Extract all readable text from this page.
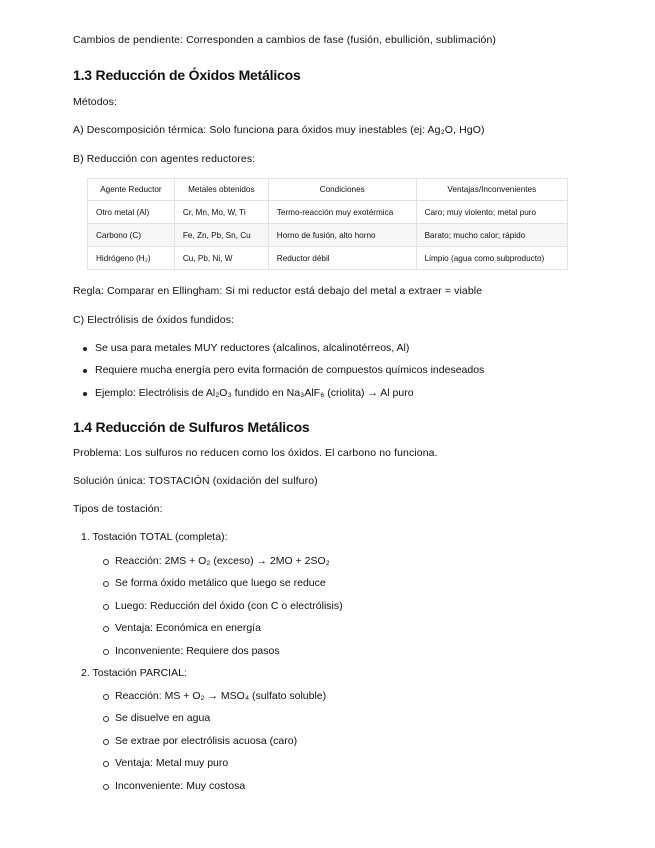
Cambios de pendiente: Corresponden a cambios de fase (fusión, ebullición, sublimación)
1.3 Reducción de Óxidos Metálicos
Métodos:
A) Descomposición térmica: Solo funciona para óxidos muy inestables (ej: Ag₂O, HgO)
B) Reducción con agentes reductores:
Agente Reductor	Metales obtenidos	Condiciones	Ventajas/Inconvenientes
Otro metal (Al)	Cr, Mn, Mo, W, Ti	Termo-reacción muy exotérmica	Caro; muy violento; metal puro
Carbono (C)	Fe, Zn, Pb, Sn, Cu	Horno de fusión, alto horno	Barato; mucho calor; rápido
Hidrógeno (H₂)	Cu, Pb, Ni, W	Reductor débil	Limpio (agua como subproducto)
Regla: Comparar en Ellingham: Si mi reductor está debajo del metal a extraer = viable
C) Electrólisis de óxidos fundidos:
Se usa para metales MUY reductores (alcalinos, alcalinotérreos, Al)
Requiere mucha energía pero evita formación de compuestos químicos indeseados
Ejemplo: Electrólisis de Al₂O₃ fundido en Na₃AlF₆ (criolita) → Al puro
1.4 Reducción de Sulfuros Metálicos
Problema: Los sulfuros no reducen como los óxidos. El carbono no funciona.
Solución única: TOSTACIÓN (oxidación del sulfuro)
Tipos de tostación:
1. Tostación TOTAL (completa):
Reacción: 2MS + O₂ (exceso) → 2MO + 2SO₂
Se forma óxido metálico que luego se reduce
Luego: Reducción del óxido (con C o electrólisis)
Ventaja: Económica en energía
Inconveniente: Requiere dos pasos
2. Tostación PARCIAL:
Reacción: MS + O₂ → MSO₄ (sulfato soluble)
Se disuelve en agua
Se extrae por electrólisis acuosa (caro)
Ventaja: Metal muy puro
Inconveniente: Muy costosa
